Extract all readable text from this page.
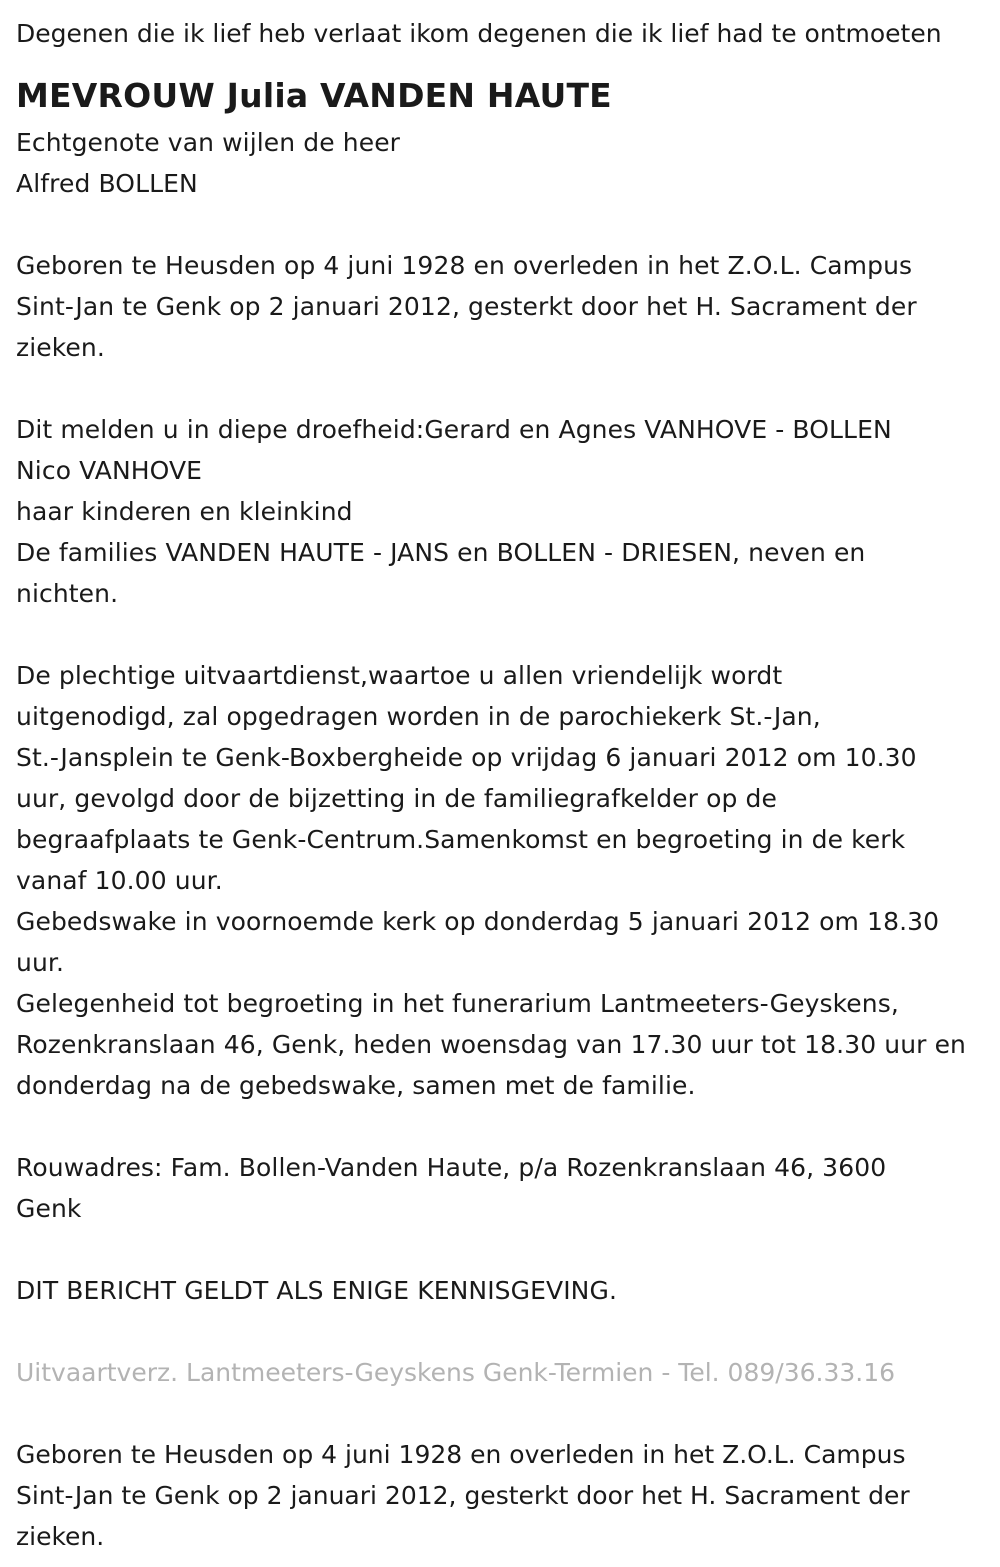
Degenen die ik lief heb verlaat ikom degenen die ik lief had te ontmoeten
MEVROUW Julia VANDEN HAUTE
Echtgenote van wijlen de heer
Alfred BOLLEN
Geboren te Heusden op 4 juni 1928 en overleden in het Z.O.L. Campus
Sint-Jan te Genk op 2 januari 2012, gesterkt door het H. Sacrament der
zieken.
Dit melden u in diepe droefheid:Gerard en Agnes VANHOVE - BOLLEN
Nico VANHOVE
haar kinderen en kleinkind
De families VANDEN HAUTE - JANS en BOLLEN - DRIESEN, neven en
nichten.
De plechtige uitvaartdienst,waartoe u allen vriendelijk wordt
uitgenodigd, zal opgedragen worden in de parochiekerk St.-Jan,
St.-Jansplein te Genk-Boxbergheide op vrijdag 6 januari 2012 om 10.30
uur, gevolgd door de bijzetting in de familiegrafkelder op de
begraafplaats te Genk-Centrum.Samenkomst en begroeting in de kerk
vanaf 10.00 uur.
Gebedswake in voornoemde kerk op donderdag 5 januari 2012 om 18.30
uur.
Gelegenheid tot begroeting in het funerarium Lantmeeters-Geyskens,
Rozenkranslaan 46, Genk, heden woensdag van 17.30 uur tot 18.30 uur en
donderdag na de gebedswake, samen met de familie.
Rouwadres: Fam. Bollen-Vanden Haute, p/a Rozenkranslaan 46, 3600
Genk
DIT BERICHT GELDT ALS ENIGE KENNISGEVING.
Uitvaartverz. Lantmeeters-Geyskens Genk-Termien - Tel. 089/36.33.16
Geboren te Heusden op 4 juni 1928 en overleden in het Z.O.L. Campus
Sint-Jan te Genk op 2 januari 2012, gesterkt door het H. Sacrament der
zieken.
